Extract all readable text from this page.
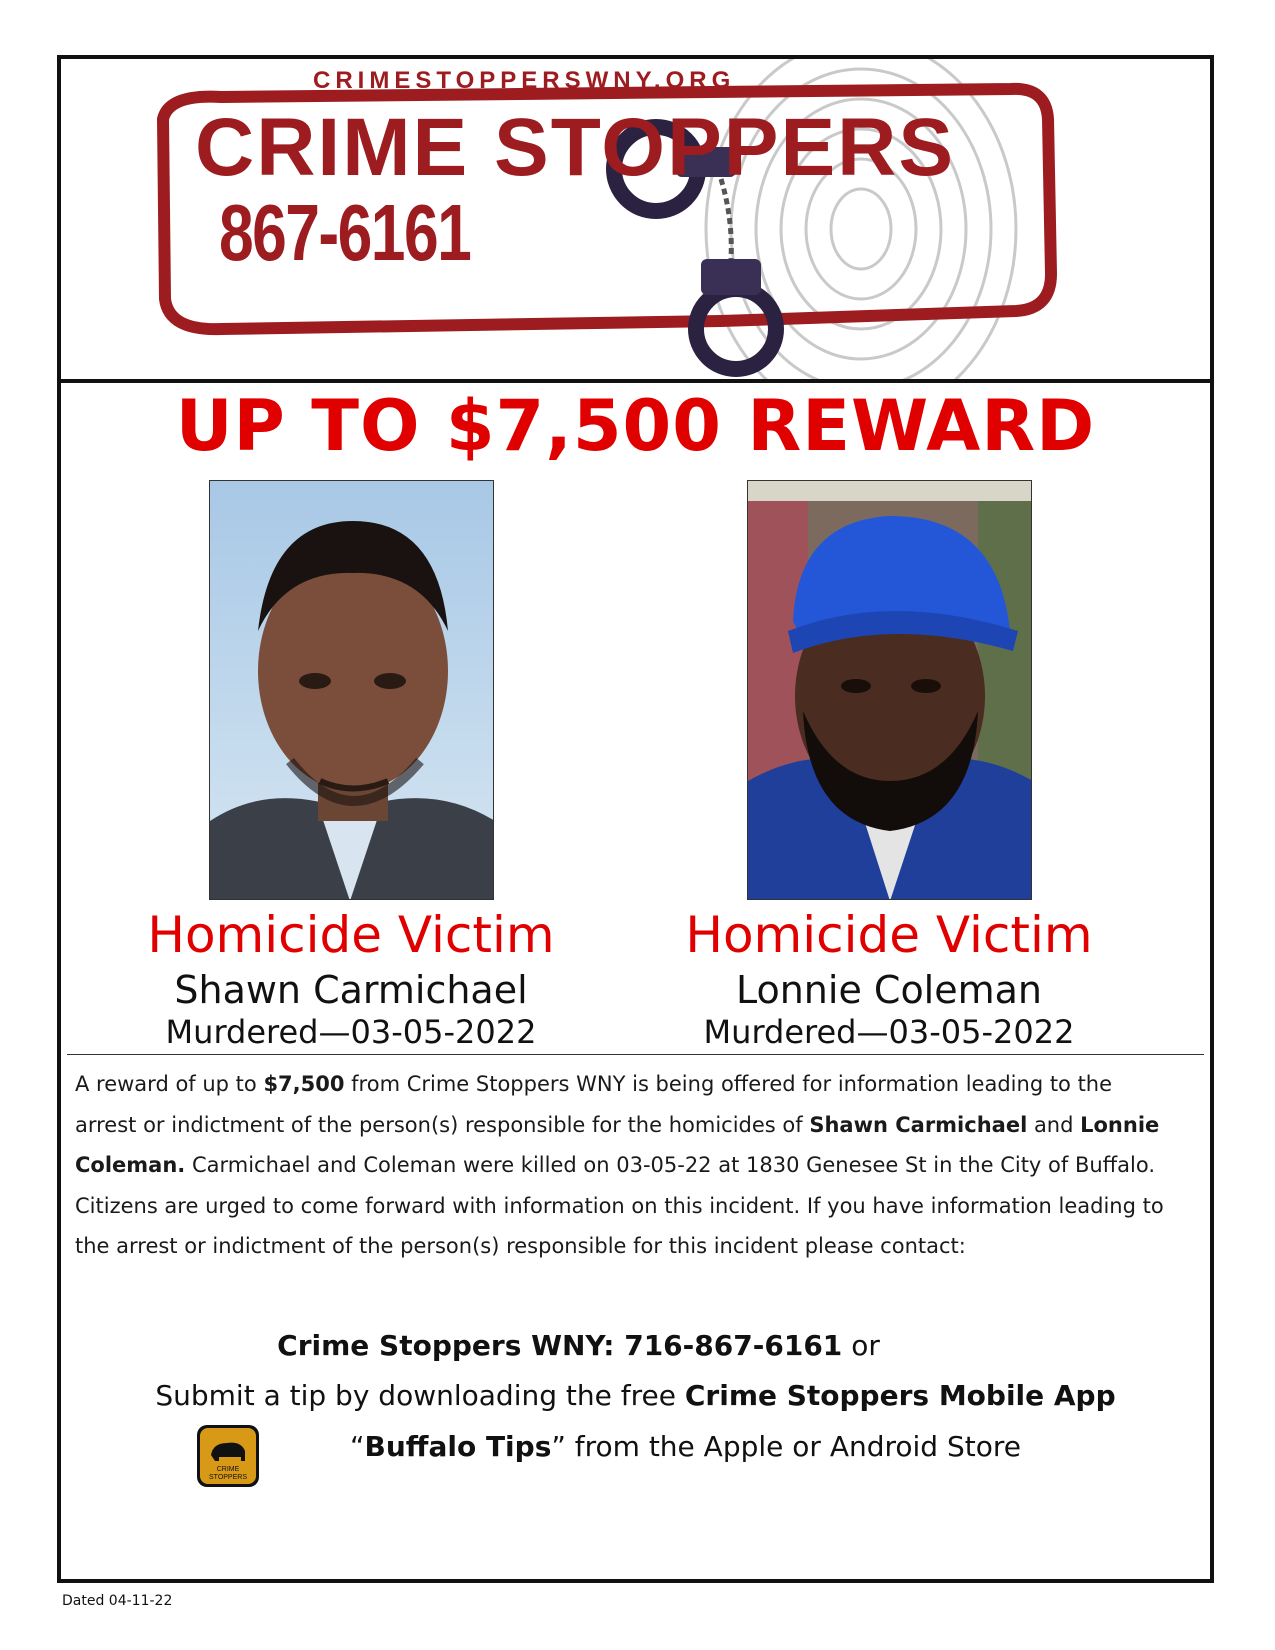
CRIMESTOPPERSWNY.ORG
CRIME STOPPERS
867-6161
UP TO $7,500 REWARD
Homicide Victim
Shawn Carmichael
Murdered—03-05-2022
Homicide Victim
Lonnie Coleman
Murdered—03-05-2022
A reward of up to $7,500 from Crime Stoppers WNY is being offered for information leading to the arrest or indictment of the person(s) responsible for the homicides of Shawn Carmichael and Lonnie Coleman. Carmichael and Coleman were killed on 03-05-22 at 1830 Genesee St in the City of Buffalo. Citizens are urged to come forward with information on this incident. If you have information leading to the arrest or indictment of the person(s) responsible for this incident please contact:
Crime Stoppers WNY: 716-867-6161 or
Submit a tip by downloading the free Crime Stoppers Mobile App
CRIME
STOPPERS
“Buffalo Tips” from the Apple or Android Store
Dated 04-11-22
